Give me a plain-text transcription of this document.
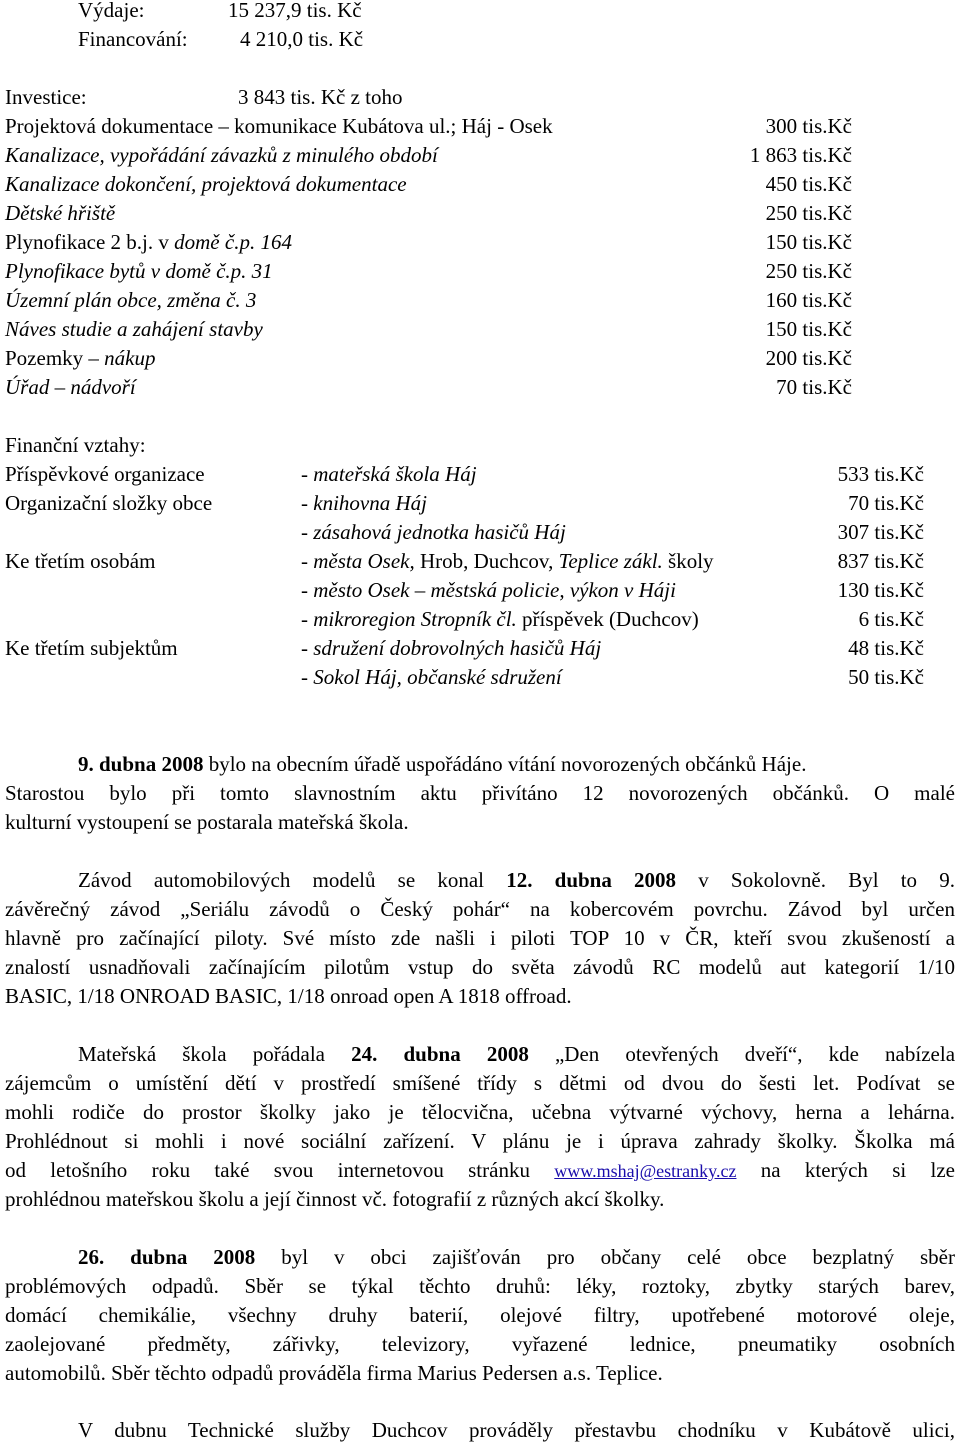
Výdaje:	15 237,9 tis. Kč
Financování: 4 210,0 tis. Kč
Investice:	3 843 tis. Kč z toho
Projektová dokumentace – komunikace Kubátova ul.; Háj - Osek	300 tis.Kč
Kanalizace, vypořádání závazků z minulého období	1 863 tis.Kč
Kanalizace dokončení, projektová dokumentace	450 tis.Kč
Dětské hřiště	250 tis.Kč
Plynofikace 2 b.j. v domě č.p. 164	150 tis.Kč
Plynofikace bytů v domě č.p. 31	250 tis.Kč
Územní plán obce, změna č. 3	160 tis.Kč
Náves studie a zahájení stavby	150 tis.Kč
Pozemky – nákup	200 tis.Kč
Úřad – nádvoří	70 tis.Kč
Finanční vztahy:
Příspěvkové organizace	- mateřská škola Háj	533 tis.Kč
Organizační složky obce	- knihovna Háj	70 tis.Kč
- zásahová jednotka hasičů Háj	307 tis.Kč
Ke třetím osobám	- města Osek, Hrob, Duchcov, Teplice zákl. školy	837 tis.Kč
- město Osek – městská policie, výkon v Háji	130 tis.Kč
- mikroregion Stropník čl. příspěvek (Duchcov)	6 tis.Kč
Ke třetím subjektům	- sdružení dobrovolných hasičů Háj	48 tis.Kč
- Sokol Háj, občanské sdružení	50 tis.Kč
9. dubna 2008 bylo na obecním úřadě uspořádáno vítání novorozených občánků Háje.
Starostou bylo při tomto slavnostním aktu přivítáno 12 novorozených občánků. O malé
kulturní vystoupení se postarala mateřská škola.
Závod automobilových modelů se konal 12. dubna 2008 v Sokolovně. Byl to 9.
závěrečný závod „Seriálu závodů o Český pohár“ na kobercovém povrchu. Závod byl určen
hlavně pro začínající piloty. Své místo zde našli i piloti TOP 10 v ČR, kteří svou zkušeností a
znalostí usnadňovali začínajícím pilotům vstup do světa závodů RC modelů aut kategorií 1/10
BASIC, 1/18 ONROAD BASIC, 1/18 onroad open A 1818 offroad.
Mateřská škola pořádala 24. dubna 2008 „Den otevřených dveří“, kde nabízela
zájemcům o umístění dětí v prostředí smíšené třídy s dětmi od dvou do šesti let. Podívat se
mohli rodiče do prostor školky jako je tělocvična, učebna výtvarné výchovy, herna a lehárna.
Prohlédnout si mohli i nové sociální zařízení. V plánu je i úprava zahrady školky. Školka má
od letošního roku také svou internetovou stránku www.mshaj@estranky.cz na kterých si lze
prohlédnou mateřskou školu a její činnost vč. fotografií z různých akcí školky.
26. dubna 2008 byl v obci zajišťován pro občany celé obce bezplatný sběr
problémových odpadů. Sběr se týkal těchto druhů: léky, roztoky, zbytky starých barev,
domácí chemikálie, všechny druhy baterií, olejové filtry, upotřebené motorové oleje,
zaolejované předměty, zářivky, televizory, vyřazené lednice, pneumatiky osobních
automobilů. Sběr těchto odpadů prováděla firma Marius Pedersen a.s. Teplice.
V dubnu Technické služby Duchcov prováděly přestavbu chodníku v Kubátově ulici,
